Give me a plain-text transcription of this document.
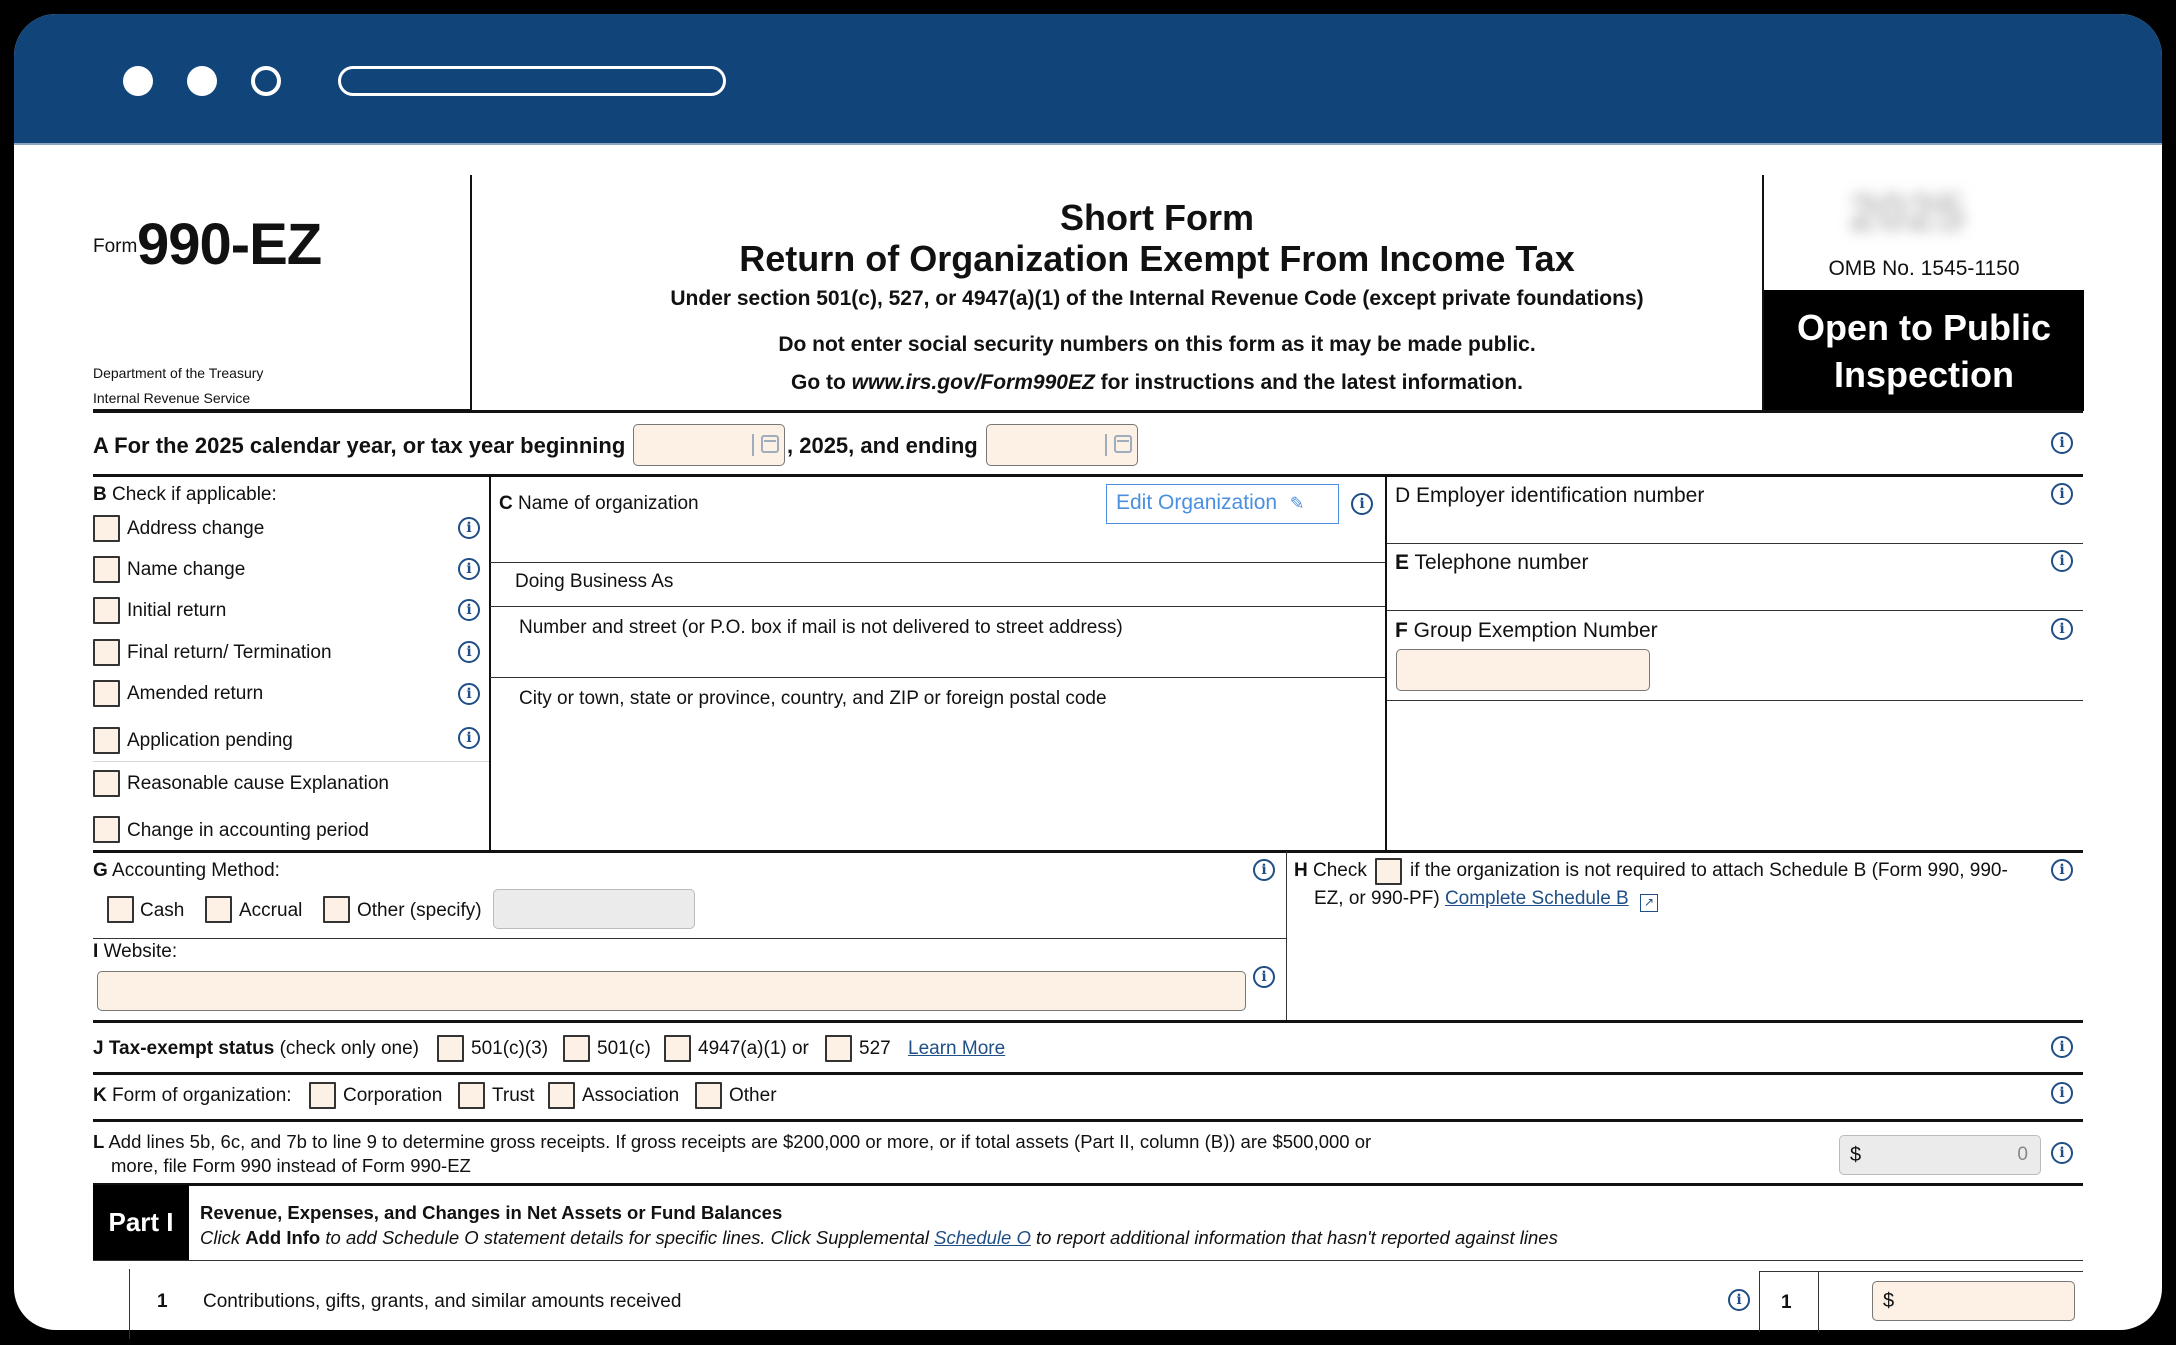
Form 990-EZ
Department of the Treasury
Internal Revenue Service
Short Form
Return of Organization Exempt From Income Tax
Under section 501(c), 527, or 4947(a)(1) of the Internal Revenue Code (except private foundations)
Do not enter social security numbers on this form as it may be made public.
Go to www.irs.gov/Form990EZ for instructions and the latest information.
2025
OMB No. 1545-1150
Open to Public
Inspection
A For the 2025 calendar year, or tax year beginning	, 2025, and ending	i
B Check if applicable:
Address change	i
Name change	i
Initial return	i
Final return/ Termination	i
Amended return	i
Application pending	i
Reasonable cause Explanation
Change in accounting period
C Name of organization	Edit Organization ✏︎	i
Doing Business As
Number and street (or P.O. box if mail is not delivered to street address)
City or town, state or province, country, and ZIP or foreign postal code
D Employer identification number	i
E Telephone number	i
F Group Exemption Number	i
G Accounting Method:	i
Cash	Accrual	Other (specify)
I Website:
i
H Check if the organization is not required to attach Schedule B (Form 990, 990-
EZ, or 990-PF) Complete Schedule B ↗
i
J Tax-exempt status (check only one)	501(c)(3)	501(c) 4947(a)(1) or	527 Learn More	i
K Form of organization:	Corporation	Trust Association	Other	i
L Add lines 5b, 6c, and 7b to line 9 to determine gross receipts. If gross receipts are $200,000 or more, or if total assets (Part II, column (B)) are $500,000 or
more, file Form 990 instead of Form 990-EZ	$	0	i
Part I	Revenue, Expenses, and Changes in Net Assets or Fund Balances
Click Add Info to add Schedule O statement details for specific lines. Click Supplemental Schedule O to report additional information that hasn't reported against lines
1 Contributions, gifts, grants, and similar amounts received	i	1	$
